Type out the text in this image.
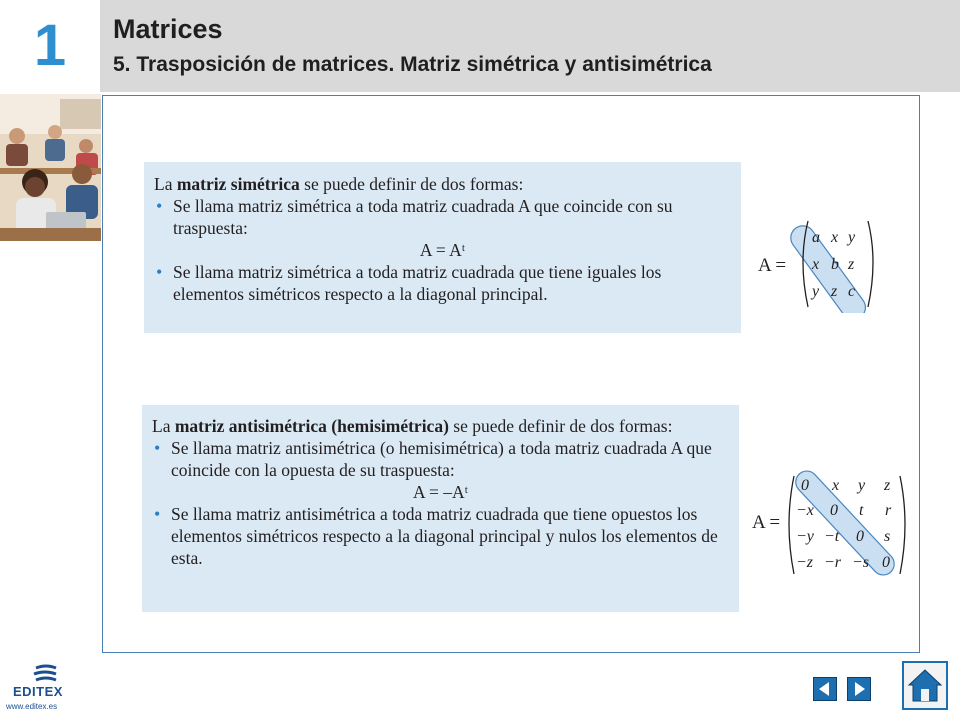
1	Matrices
5. Trasposición de matrices. Matriz simétrica y antisimétrica

La matriz simétrica se puede definir de dos formas:

• Se llama matriz simétrica a toda matriz cuadrada A que coincide con su traspuesta:

A = Aᵗ

• Se llama matriz simétrica a toda matriz cuadrada que tiene iguales los elementos simétricos respecto a la diagonal principal.

A =
a x y
x b z
y z c

La matriz antisimétrica (hemisimétrica) se puede definir de dos formas:

• Se llama matriz antisimétrica (o hemisimétrica) a toda matriz cuadrada A que coincide con la opuesta de su traspuesta:

A = –Aᵗ

• Se llama matriz antisimétrica a toda matriz cuadrada que tiene opuestos los elementos simétricos respecto a la diagonal principal y nulos los elementos de esta.

A =
0 x y z
−x 0 t r
−y −t 0 s
−z −r −s 0
EDITEX
www.editex.es
